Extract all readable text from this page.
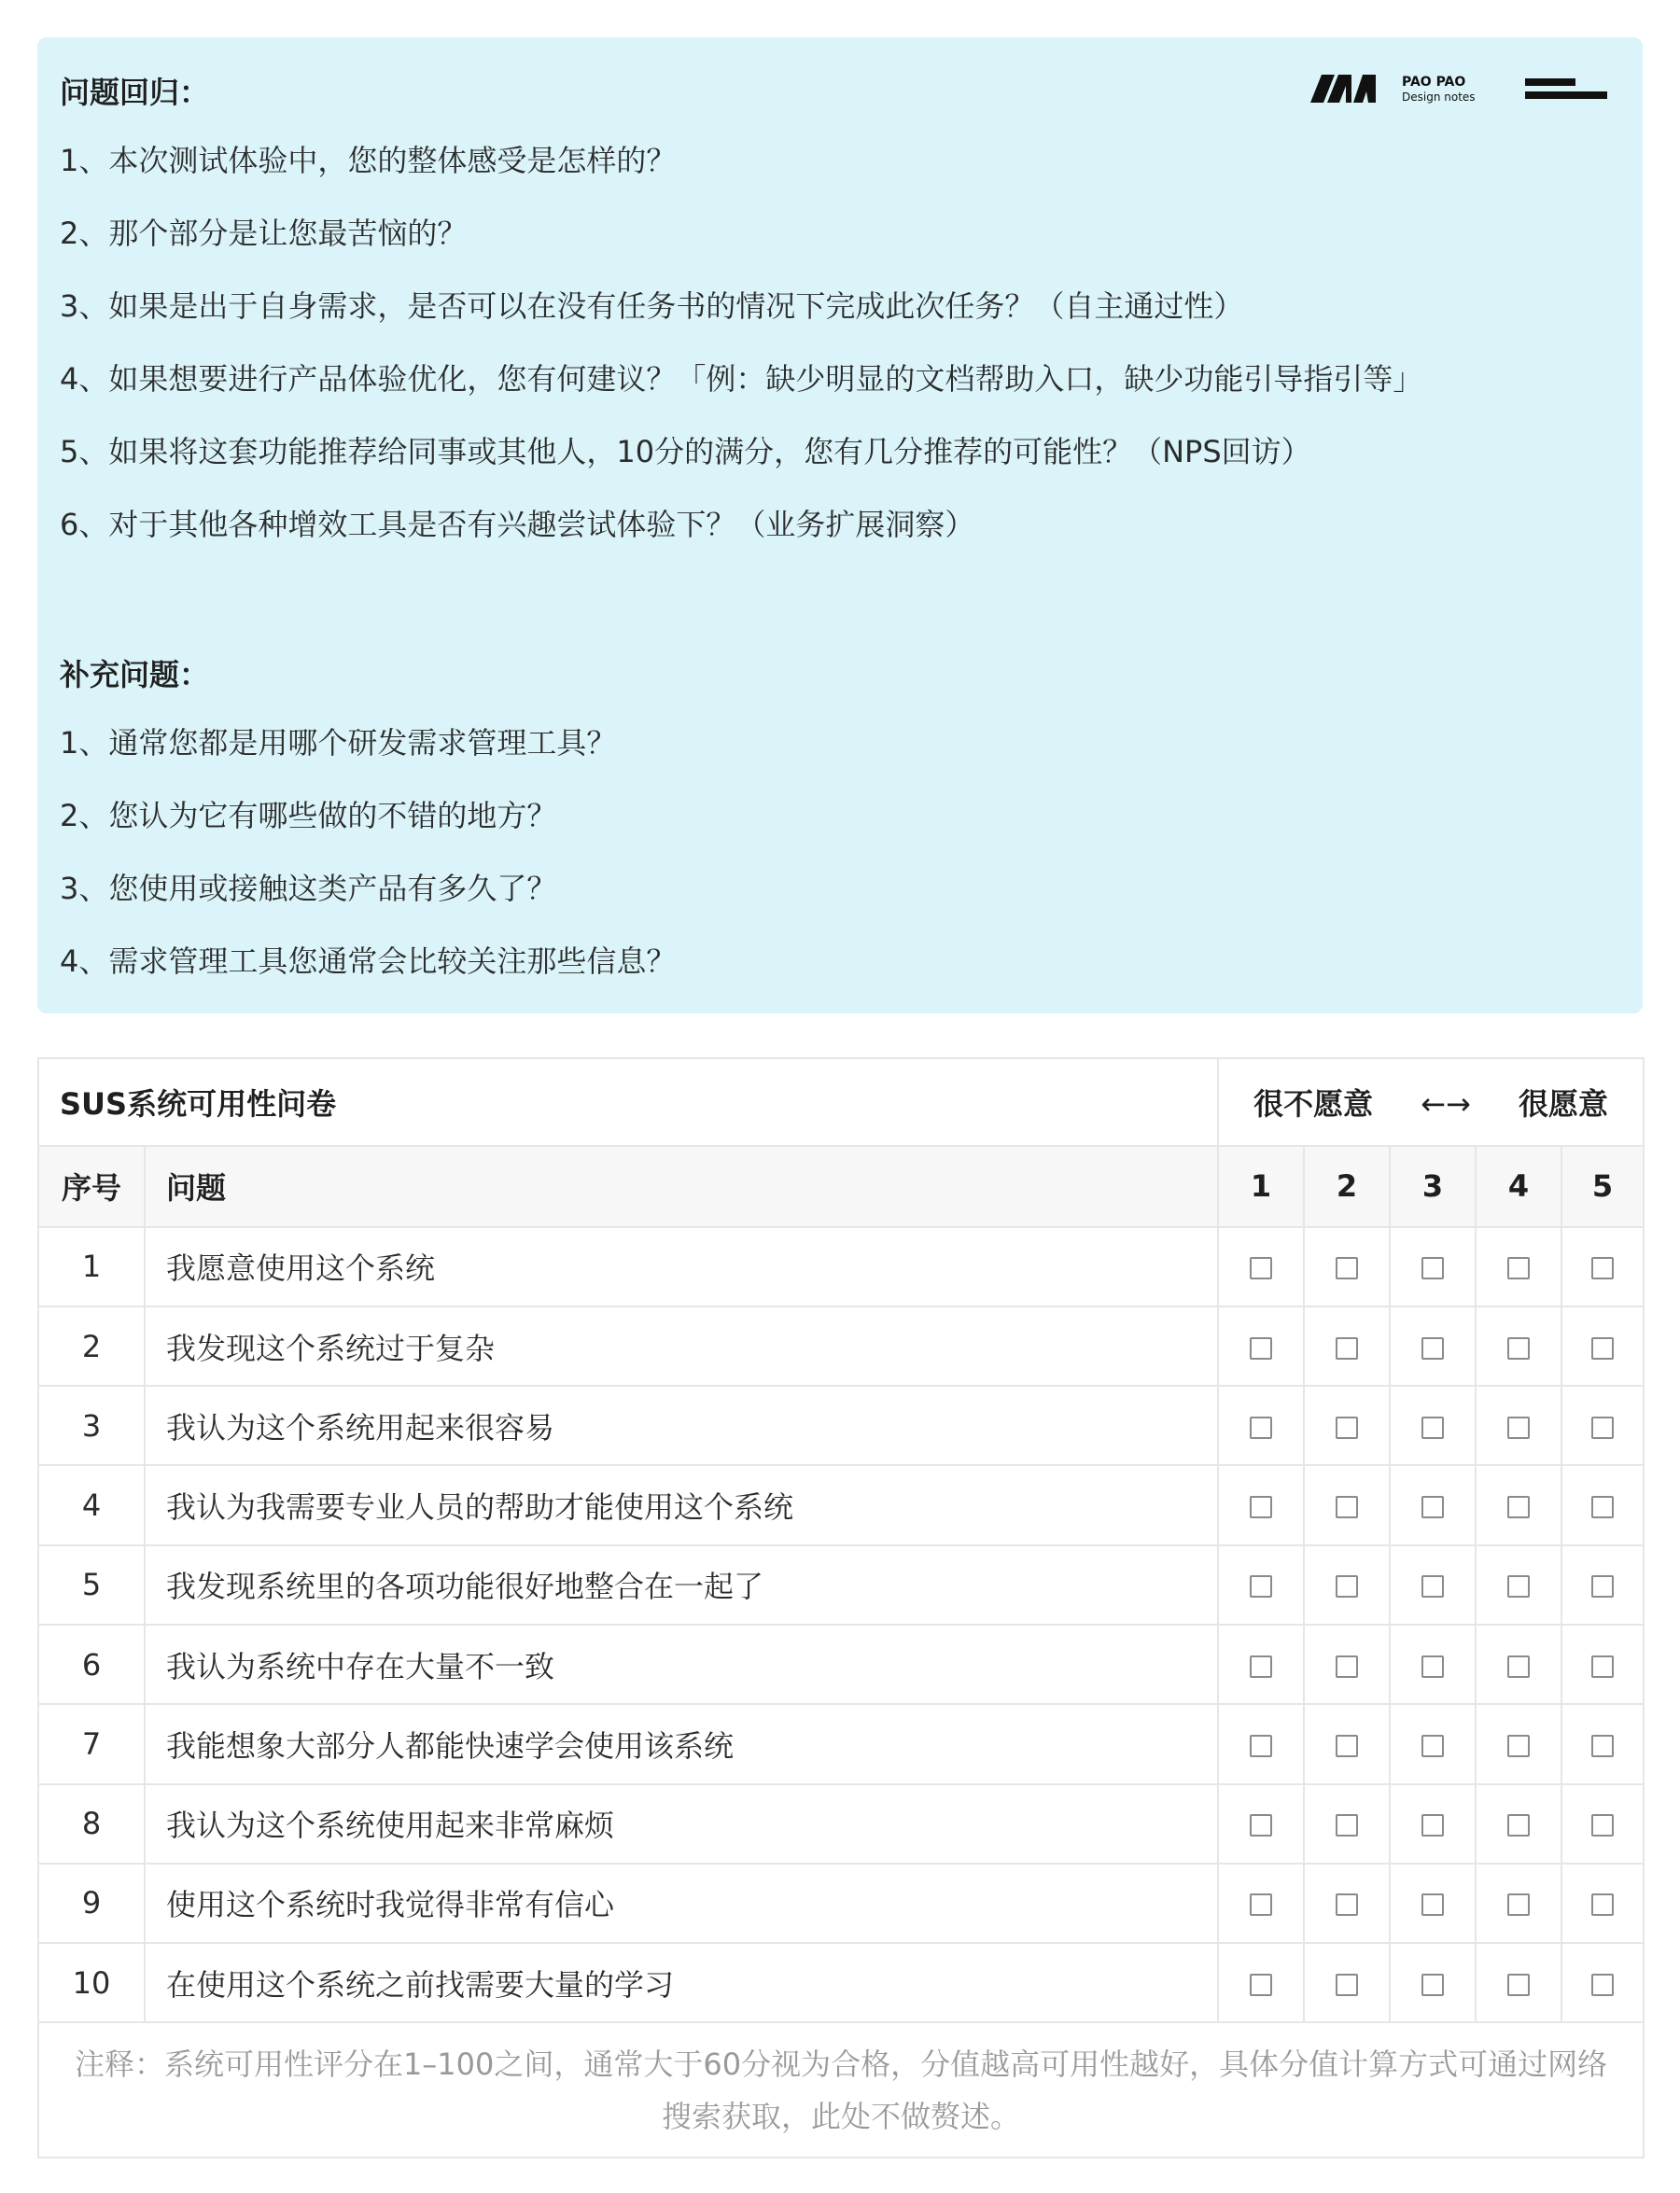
PAO PAO
Design notes
问题回归：
1、本次测试体验中，您的整体感受是怎样的？
2、那个部分是让您最苦恼的？
3、如果是出于自身需求，是否可以在没有任务书的情况下完成此次任务？（自主通过性）
4、如果想要进行产品体验优化，您有何建议？「例：缺少明显的文档帮助入口，缺少功能引导指引等」
5、如果将这套功能推荐给同事或其他人，10分的满分，您有几分推荐的可能性？（NPS回访）
6、对于其他各种增效工具是否有兴趣尝试体验下？（业务扩展洞察）
补充问题：
1、通常您都是用哪个研发需求管理工具？
2、您认为它有哪些做的不错的地方？
3、您使用或接触这类产品有多久了？
4、需求管理工具您通常会比较关注那些信息？
SUS系统可用性问卷		很不愿意 ←→ 很愿意				
序号	问题	1	2	3	4	5
1	我愿意使用这个系统					
2	我发现这个系统过于复杂					
3	我认为这个系统用起来很容易					
4	我认为我需要专业人员的帮助才能使用这个系统					
5	我发现系统里的各项功能很好地整合在一起了					
6	我认为系统中存在大量不一致					
7	我能想象大部分人都能快速学会使用该系统					
8	我认为这个系统使用起来非常麻烦					
9	使用这个系统时我觉得非常有信心					
10	在使用这个系统之前找需要大量的学习					
注释：系统可用性评分在1–100之间，通常大于60分视为合格，分值越高可用性越好，具体分值计算方式可通过网络搜索获取，此处不做赘述。						
